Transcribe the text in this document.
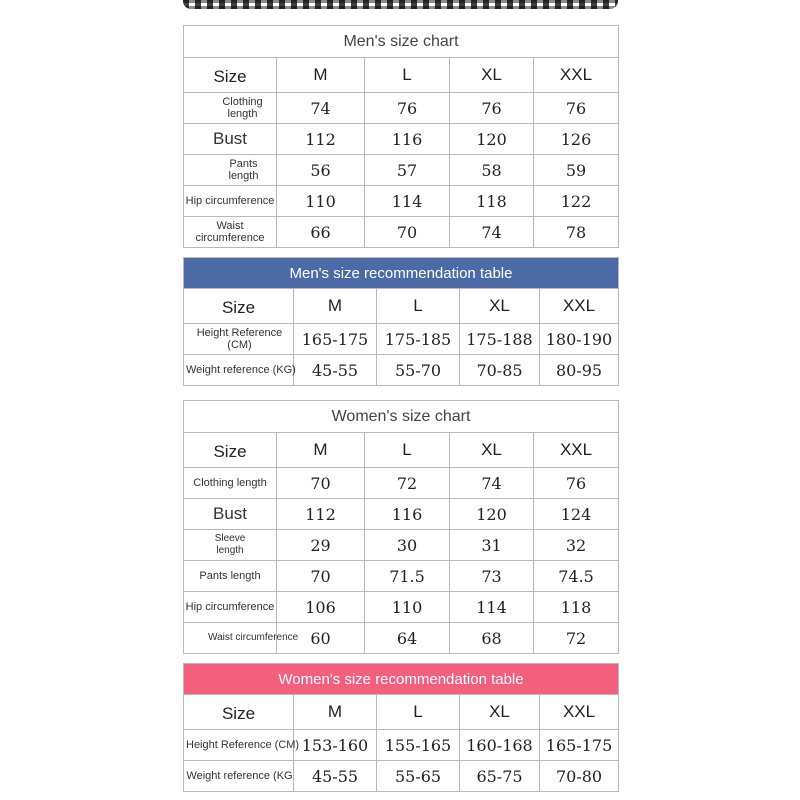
Men's size chart				
Size	M	L	XL	XXL
Clothing length	74	76	76	76
Bust	112	116	120	126
Pants length	56	57	58	59
Hip circumference	110	114	118	122
Waist circumference	66	70	74	78
Men's size recommendation table				
Size	M	L	XL	XXL
Height Reference (CM)	165-175	175-185	175-188	180-190
Weight reference (KG)	45-55	55-70	70-85	80-95
Women's size chart				
Size	M	L	XL	XXL
Clothing length	70	72	74	76
Bust	112	116	120	124
Sleeve length	29	30	31	32
Pants length	70	71.5	73	74.5
Hip circumference	106	110	114	118
Waist circumference	60	64	68	72
Women's size recommendation table				
Size	M	L	XL	XXL
Height Reference (CM)	153-160	155-165	160-168	165-175
Weight reference (KG	45-55	55-65	65-75	70-80
